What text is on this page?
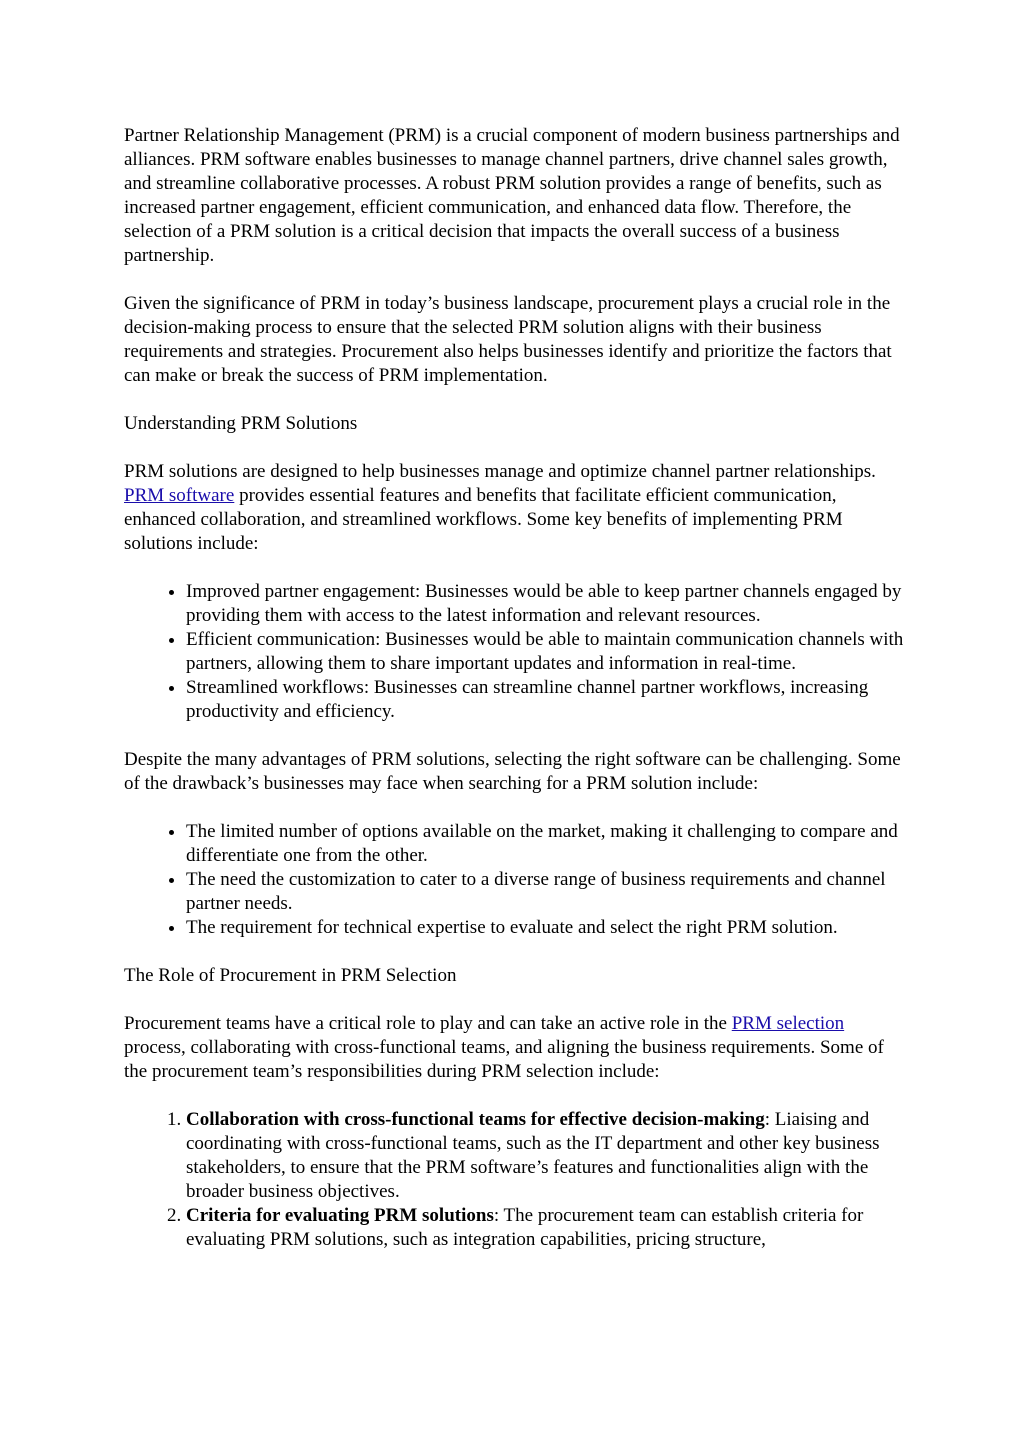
Partner Relationship Management (PRM) is a crucial component of modern business partnerships and alliances. PRM software enables businesses to manage channel partners, drive channel sales growth, and streamline collaborative processes. A robust PRM solution provides a range of benefits, such as increased partner engagement, efficient communication, and enhanced data flow. Therefore, the selection of a PRM solution is a critical decision that impacts the overall success of a business partnership.

Given the significance of PRM in today’s business landscape, procurement plays a crucial role in the decision-making process to ensure that the selected PRM solution aligns with their business requirements and strategies. Procurement also helps businesses identify and prioritize the factors that can make or break the success of PRM implementation.

Understanding PRM Solutions

PRM solutions are designed to help businesses manage and optimize channel partner relationships. PRM software provides essential features and benefits that facilitate efficient communication, enhanced collaboration, and streamlined workflows. Some key benefits of implementing PRM solutions include:

• Improved partner engagement: Businesses would be able to keep partner channels engaged by providing them with access to the latest information and relevant resources.
• Efficient communication: Businesses would be able to maintain communication channels with partners, allowing them to share important updates and information in real-time.
• Streamlined workflows: Businesses can streamline channel partner workflows, increasing productivity and efficiency.

Despite the many advantages of PRM solutions, selecting the right software can be challenging. Some of the drawback’s businesses may face when searching for a PRM solution include:

• The limited number of options available on the market, making it challenging to compare and differentiate one from the other.
• The need the customization to cater to a diverse range of business requirements and channel partner needs.
• The requirement for technical expertise to evaluate and select the right PRM solution.

The Role of Procurement in PRM Selection

Procurement teams have a critical role to play and can take an active role in the PRM selection process, collaborating with cross-functional teams, and aligning the business requirements. Some of the procurement team’s responsibilities during PRM selection include:

1. Collaboration with cross-functional teams for effective decision-making: Liaising and coordinating with cross-functional teams, such as the IT department and other key business stakeholders, to ensure that the PRM software’s features and functionalities align with the broader business objectives.
2. Criteria for evaluating PRM solutions: The procurement team can establish criteria for evaluating PRM solutions, such as integration capabilities, pricing structure,
